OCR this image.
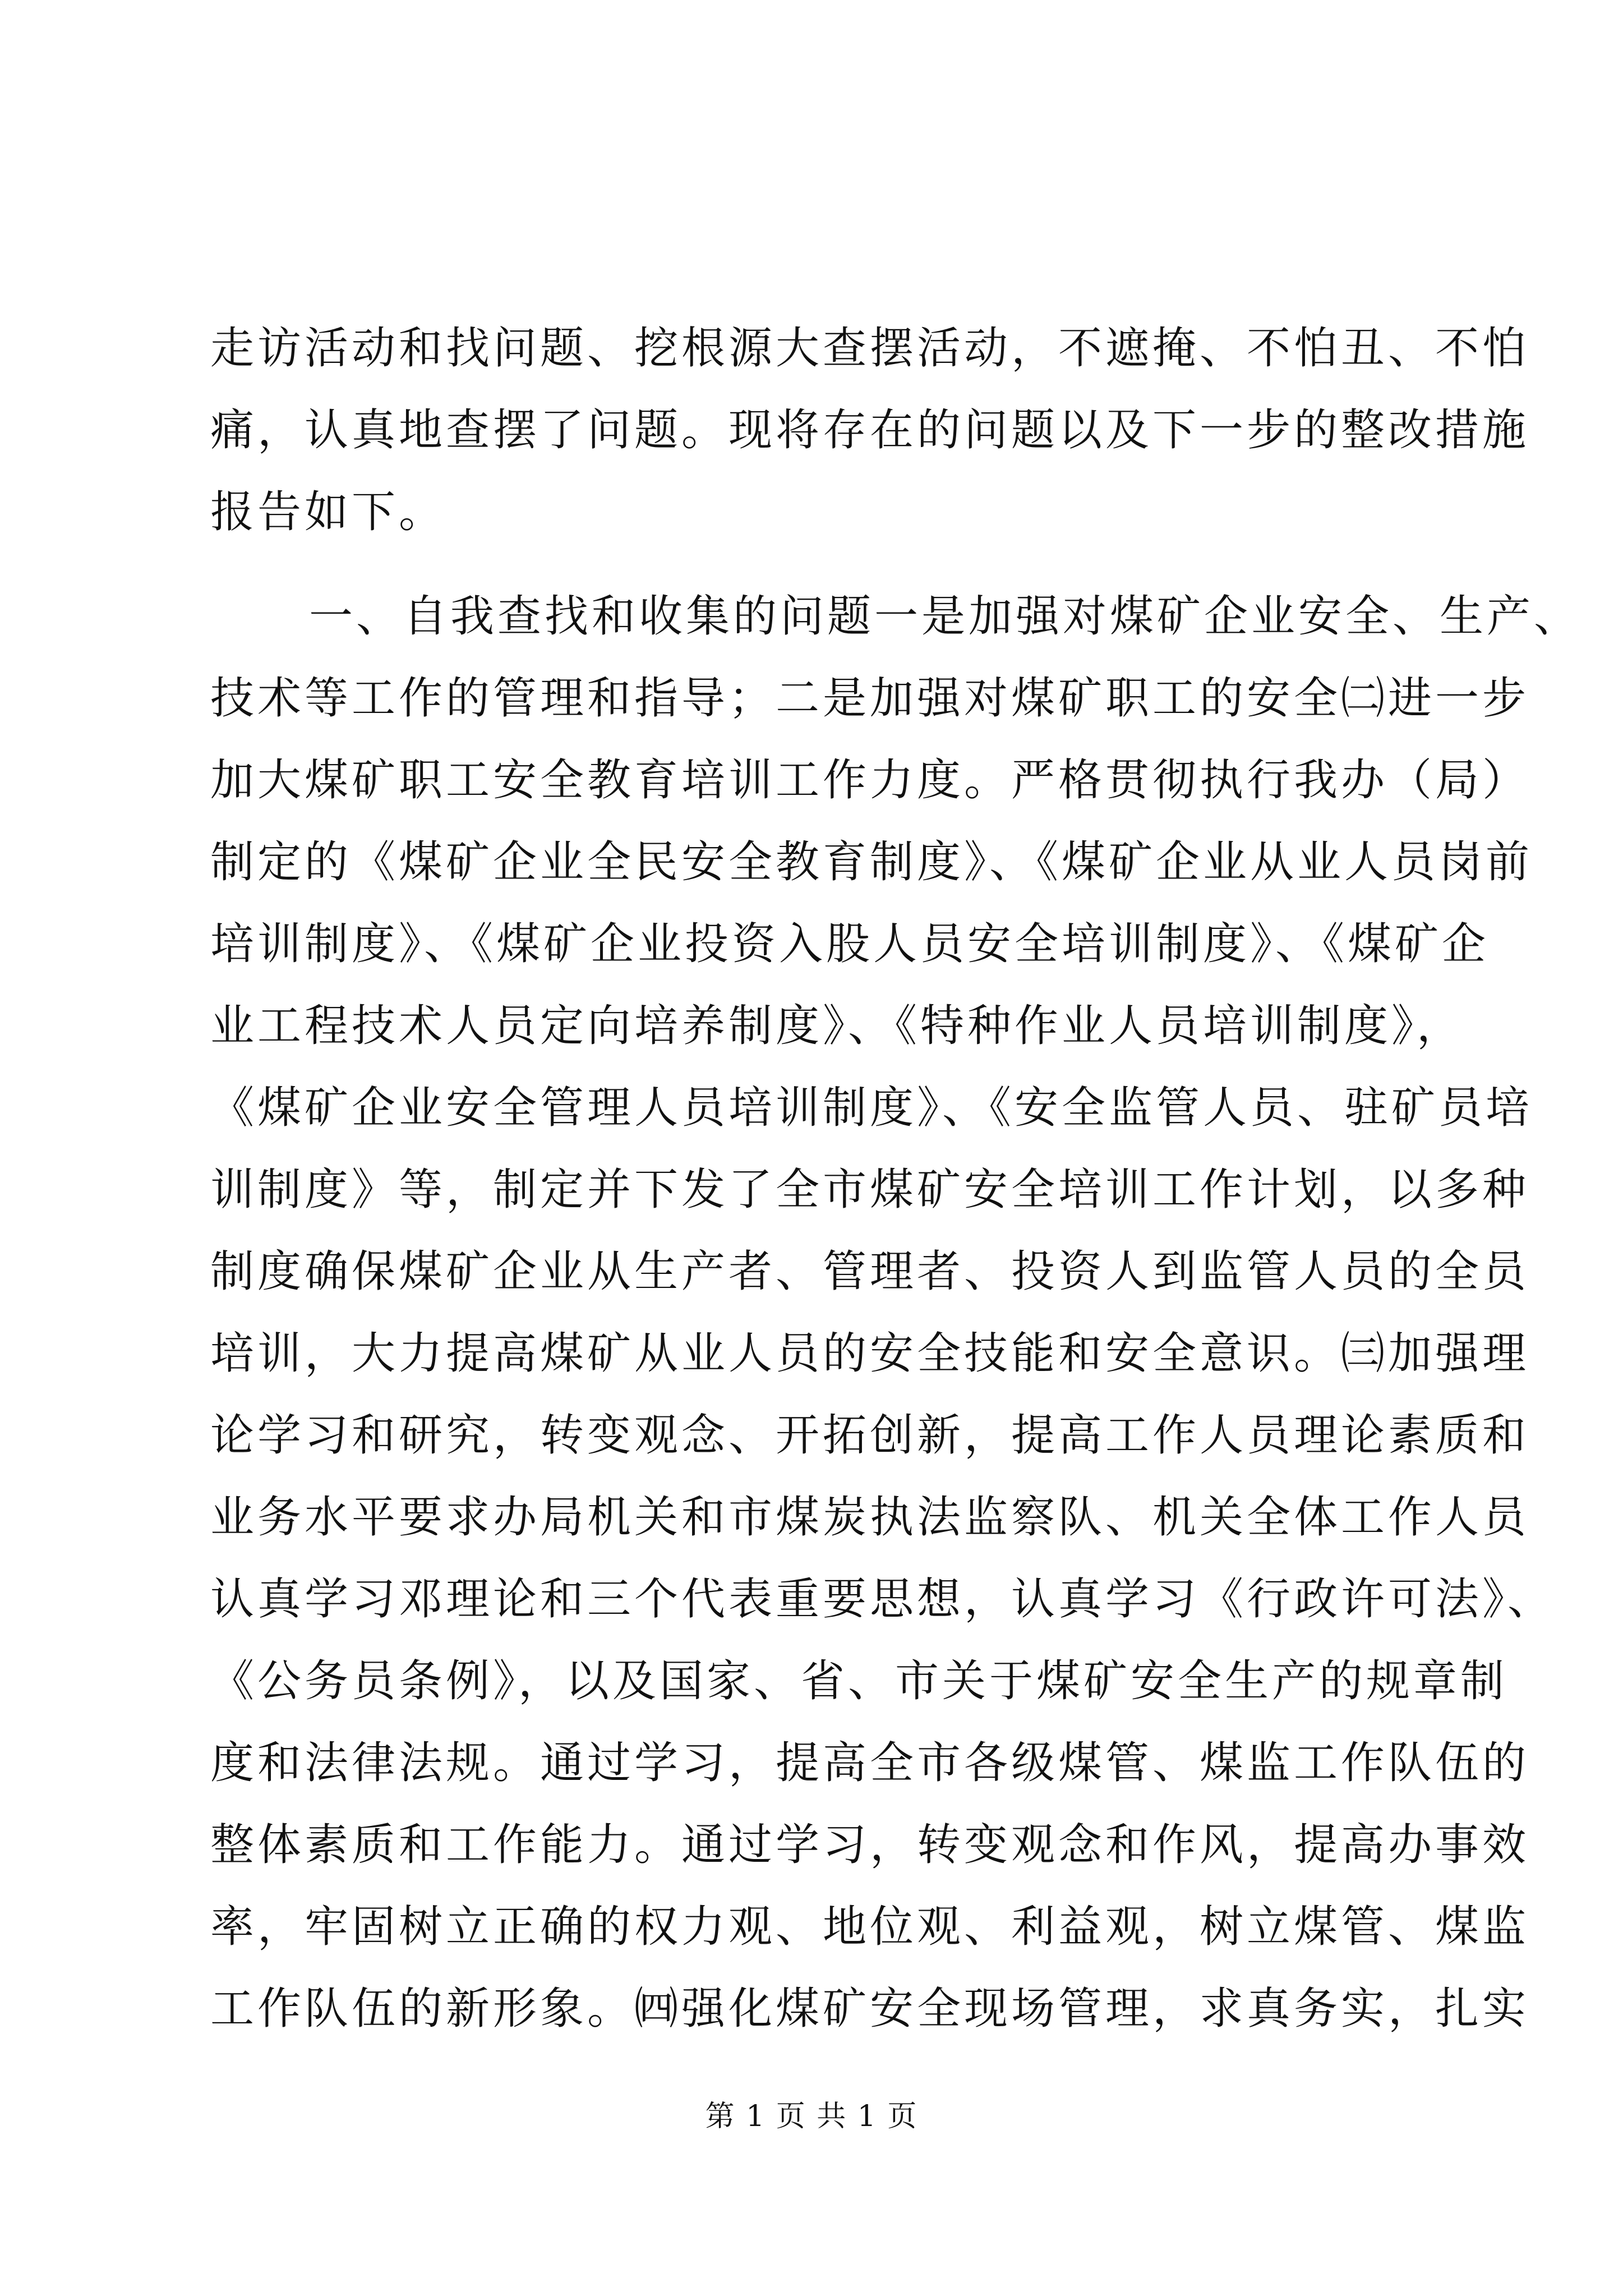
走访活动和找问题、挖根源大查摆活动，不遮掩、不怕丑、不怕
痛，认真地查摆了问题。现将存在的问题以及下一步的整改措施
报告如下。
一、自我查找和收集的问题一是加强对煤矿企业安全、生产、
技术等工作的管理和指导；二是加强对煤矿职工的安全㈡进一步
加大煤矿职工安全教育培训工作力度。严格贯彻执行我办（局）
制定的《煤矿企业全民安全教育制度》、《煤矿企业从业人员岗前
培训制度》、《煤矿企业投资入股人员安全培训制度》、《煤矿企
业工程技术人员定向培养制度》、《特种作业人员培训制度》，
《煤矿企业安全管理人员培训制度》、《安全监管人员、驻矿员培
训制度》等，制定并下发了全市煤矿安全培训工作计划，以多种
制度确保煤矿企业从生产者、管理者、投资人到监管人员的全员
培训，大力提高煤矿从业人员的安全技能和安全意识。㈢加强理
论学习和研究，转变观念、开拓创新，提高工作人员理论素质和
业务水平要求办局机关和市煤炭执法监察队、机关全体工作人员
认真学习邓理论和三个代表重要思想，认真学习《行政许可法》、
《公务员条例》，以及国家、省、市关于煤矿安全生产的规章制
度和法律法规。通过学习，提高全市各级煤管、煤监工作队伍的
整体素质和工作能力。通过学习，转变观念和作风，提高办事效
率，牢固树立正确的权力观、地位观、利益观，树立煤管、煤监
工作队伍的新形象。㈣强化煤矿安全现场管理，求真务实，扎实
第 1 页 共 1 页
